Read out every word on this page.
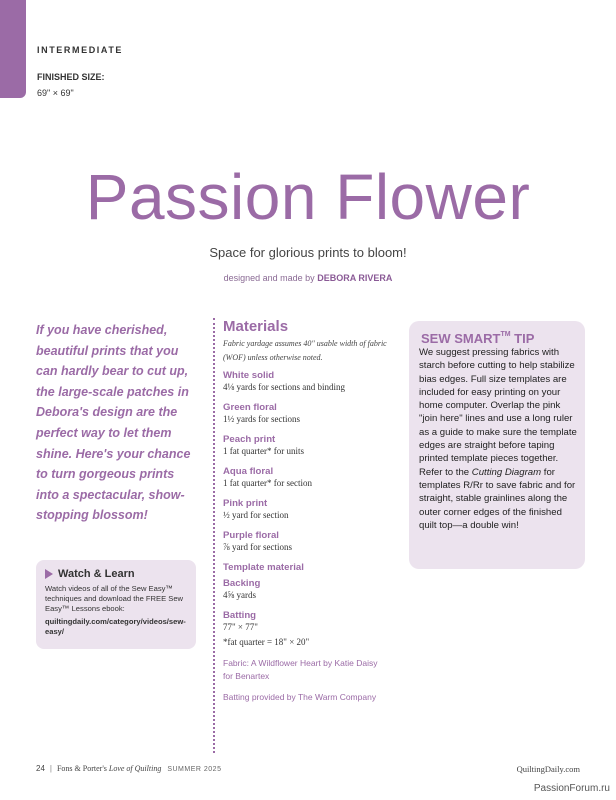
INTERMEDIATE
FINISHED SIZE:
69" × 69"
Passion Flower
Space for glorious prints to bloom!
designed and made by DEBORA RIVERA
If you have cherished, beautiful prints that you can hardly bear to cut up, the large-scale patches in Debora's design are the perfect way to let them shine. Here's your chance to turn gorgeous prints into a spectacular, show-stopping blossom!
Watch & Learn
Watch videos of all of the Sew Easy™ techniques and download the FREE Sew Easy™ Lessons ebook:
quiltingdaily.com/category/videos/sew-easy/
Materials
Fabric yardage assumes 40" usable width of fabric (WOF) unless otherwise noted.
White solid
4⅛ yards for sections and binding
Green floral
1½ yards for sections
Peach print
1 fat quarter* for units
Aqua floral
1 fat quarter* for section
Pink print
½ yard for section
Purple floral
⅞ yard for sections
Template material
Backing
4⅝ yards
Batting
77" × 77"
*fat quarter = 18" × 20"
Fabric: A Wildflower Heart by Katie Daisy for Benartex
Batting provided by The Warm Company
SEW SMART™ TIP
We suggest pressing fabrics with starch before cutting to help stabilize bias edges. Full size templates are included for easy printing on your home computer. Overlap the pink "join here" lines and use a long ruler as a guide to make sure the template edges are straight before taping printed template pieces together. Refer to the Cutting Diagram for templates R/Rr to save fabric and for straight, stable grainlines along the outer corner edges of the finished quilt top—a double win!
24 | Fons & Porter's Love of Quilting SUMMER 2025	QuiltingDaily.com
PassionForum.ru
